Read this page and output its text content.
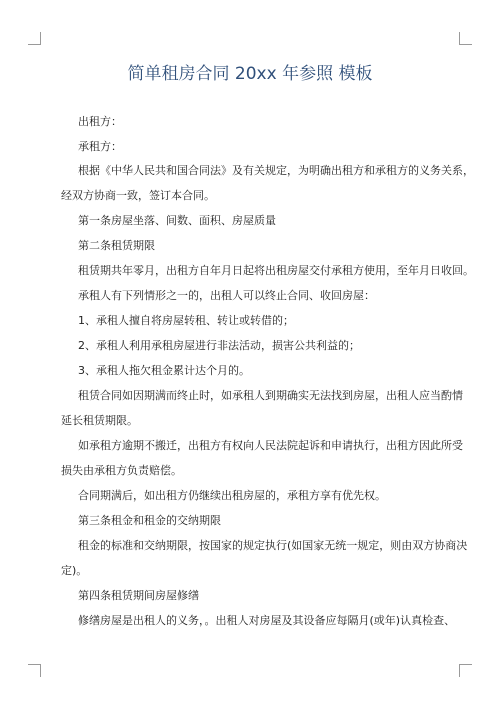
简单租房合同 20xx 年参照 模板

出租方：

承租方：

根据《中华人民共和国合同法》及有关规定，为明确出租方和承租方的义务关系，

经双方协商一致，签订本合同。

第一条房屋坐落、间数、面积、房屋质量

第二条租赁期限

租赁期共年零月，出租方自年月日起将出租房屋交付承租方使用，至年月日收回。

承租人有下列情形之一的，出租人可以终止合同、收回房屋：

1、承租人擅自将房屋转租、转让或转借的；

2、承租人利用承租房屋进行非法活动，损害公共利益的；

3、承租人拖欠租金累计达个月的。

租赁合同如因期满而终止时，如承租人到期确实无法找到房屋，出租人应当酌情

延长租赁期限。

如承租方逾期不搬迁，出租方有权向人民法院起诉和申请执行，出租方因此所受

损失由承租方负责赔偿。

合同期满后，如出租方仍继续出租房屋的，承租方享有优先权。

第三条租金和租金的交纳期限

租金的标准和交纳期限，按国家的规定执行(如国家无统一规定，则由双方协商决

定)。

第四条租赁期间房屋修缮

修缮房屋是出租人的义务，。出租人对房屋及其设备应每隔月(或年)认真检查、
